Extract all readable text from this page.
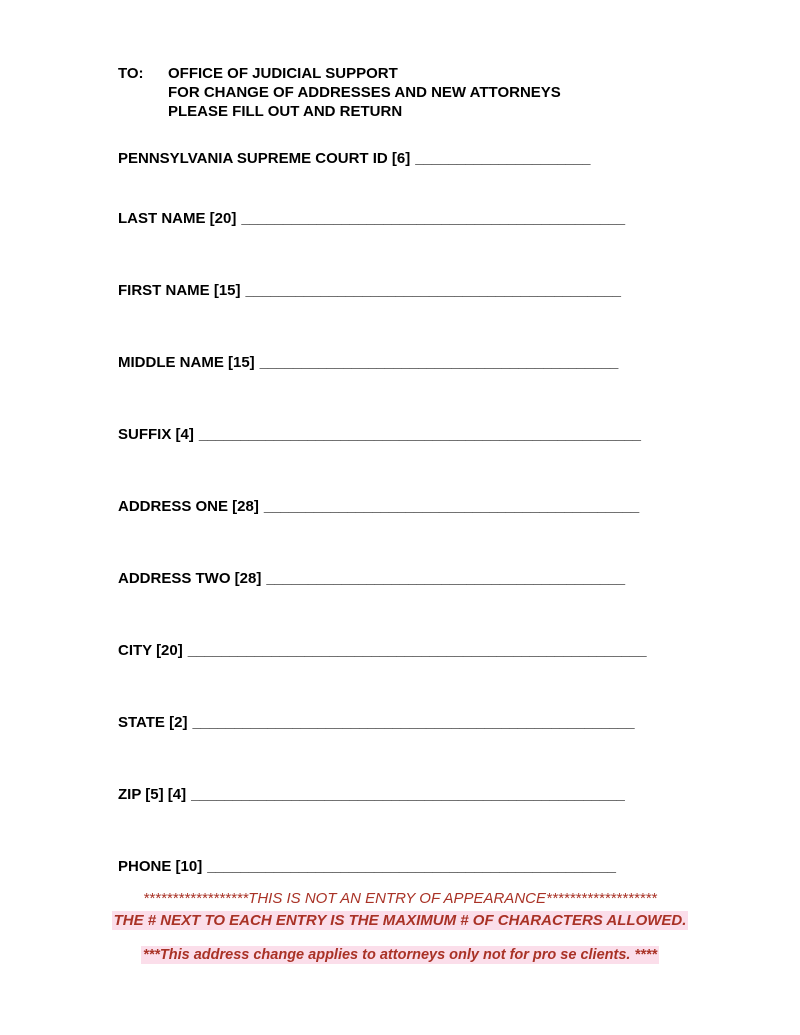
TO:	OFFICE OF JUDICIAL SUPPORT
FOR CHANGE OF ADDRESSES AND NEW ATTORNEYS
PLEASE FILL OUT AND RETURN
PENNSYLVANIA SUPREME COURT ID [6] _____________________
LAST NAME [20] ______________________________________________
FIRST NAME [15] _____________________________________________
MIDDLE NAME [15] ___________________________________________
SUFFIX [4] _____________________________________________________
ADDRESS ONE [28] _____________________________________________
ADDRESS TWO [28] ___________________________________________
CITY [20] _______________________________________________________
STATE [2] _____________________________________________________
ZIP [5] [4] ____________________________________________________
PHONE [10] _________________________________________________
******************THIS IS NOT AN ENTRY OF APPEARANCE*******************
THE # NEXT TO EACH ENTRY IS THE MAXIMUM # OF CHARACTERS ALLOWED.
***This address change applies to attorneys only not for pro se clients. ****
